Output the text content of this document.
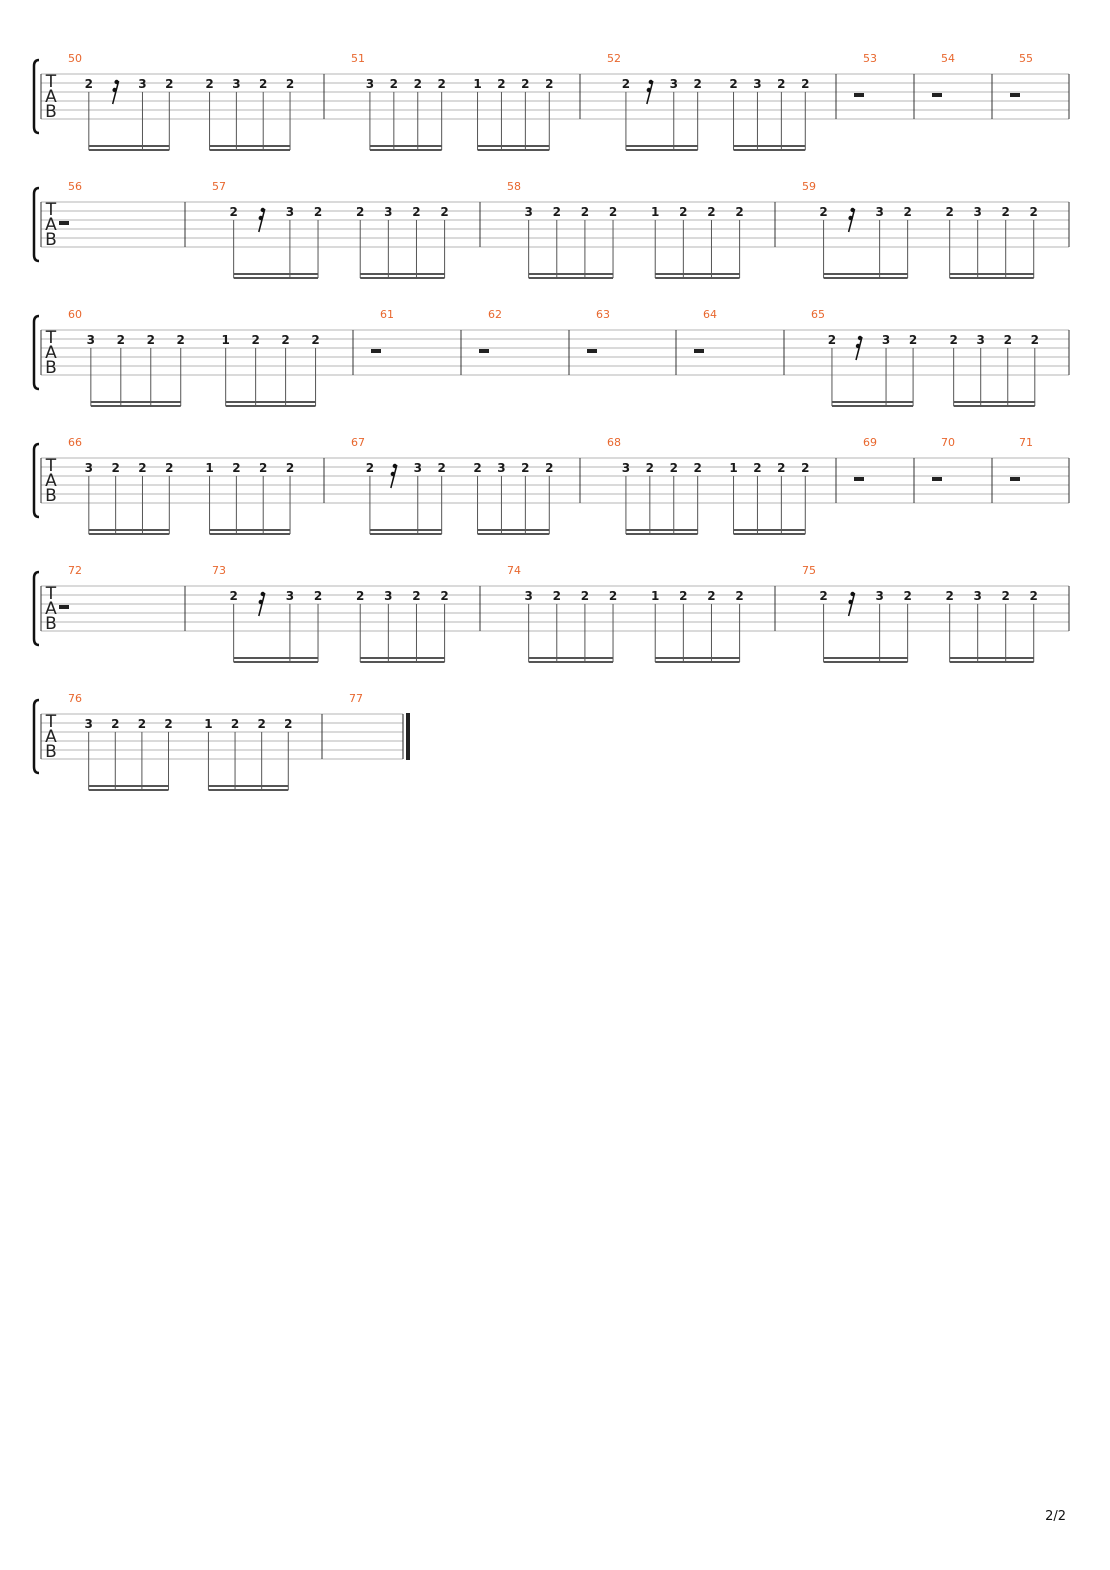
T
A
B
50
2	3 2	2 3 2 2
51
3 2 2 2 1 2 2 2
52
2	3 2 2 3 2 2
53	54	55
T
A
B
56	57
2	3 2	2 3 2 2
58
3 2 2 2	1 2 2 2
59
2	3 2	2 3 2 2
T
A
B
60
3 2 2 2	1 2 2 2
61	62	63	64	65
2	3 2	2 3 2 2
T
A
B
66
3 2 2 2	1 2 2 2
67
2	3 2 2 3 2 2
68
3 2 2 2 1 2 2 2
69	70	71
T
A
B
72	73
2	3 2	2 3 2 2
74
3 2 2 2	1 2 2 2
75
2	3 2	2 3 2 2
T
A
B
76
3 2 2 2	1 2 2 2
77
2/2
